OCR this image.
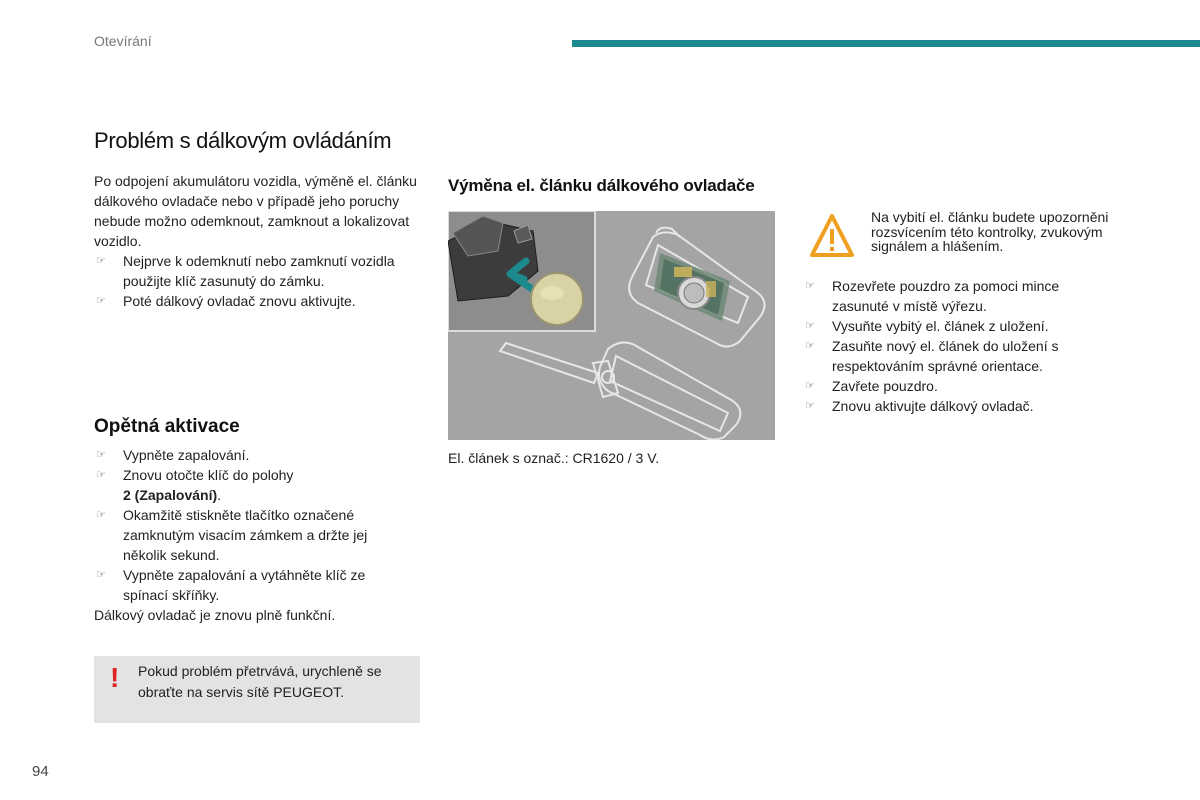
Otevírání
Problém s dálkovým ovládáním
Po odpojení akumulátoru vozidla, výměně el. článku dálkového ovladače nebo v případě jeho poruchy nebude možno odemknout, zamknout a lokalizovat vozidlo.
☞ Nejprve k odemknutí nebo zamknutí vozidla použijte klíč zasunutý do zámku.
☞ Poté dálkový ovladač znovu aktivujte.
Opětná aktivace
☞ Vypněte zapalování.
☞ Znovu otočte klíč do polohy
2 (Zapalování).
☞ Okamžitě stiskněte tlačítko označené zamknutým visacím zámkem a držte jej několik sekund.
☞ Vypněte zapalování a vytáhněte klíč ze spínací skříňky.
Dálkový ovladač je znovu plně funkční.
! Pokud problém přetrvává, urychleně se obraťte na servis sítě PEUGEOT.
Výměna el. článku dálkového ovladače
El. článek s označ.: CR1620 / 3 V.
Na vybití el. článku budete upozorněni rozsvícením této kontrolky, zvukovým signálem a hlášením.
☞ Rozevřete pouzdro za pomoci mince zasunuté v místě výřezu.
☞ Vysuňte vybitý el. článek z uložení.
☞ Zasuňte nový el. článek do uložení s respektováním správné orientace.
☞ Zavřete pouzdro.
☞ Znovu aktivujte dálkový ovladač.
94
